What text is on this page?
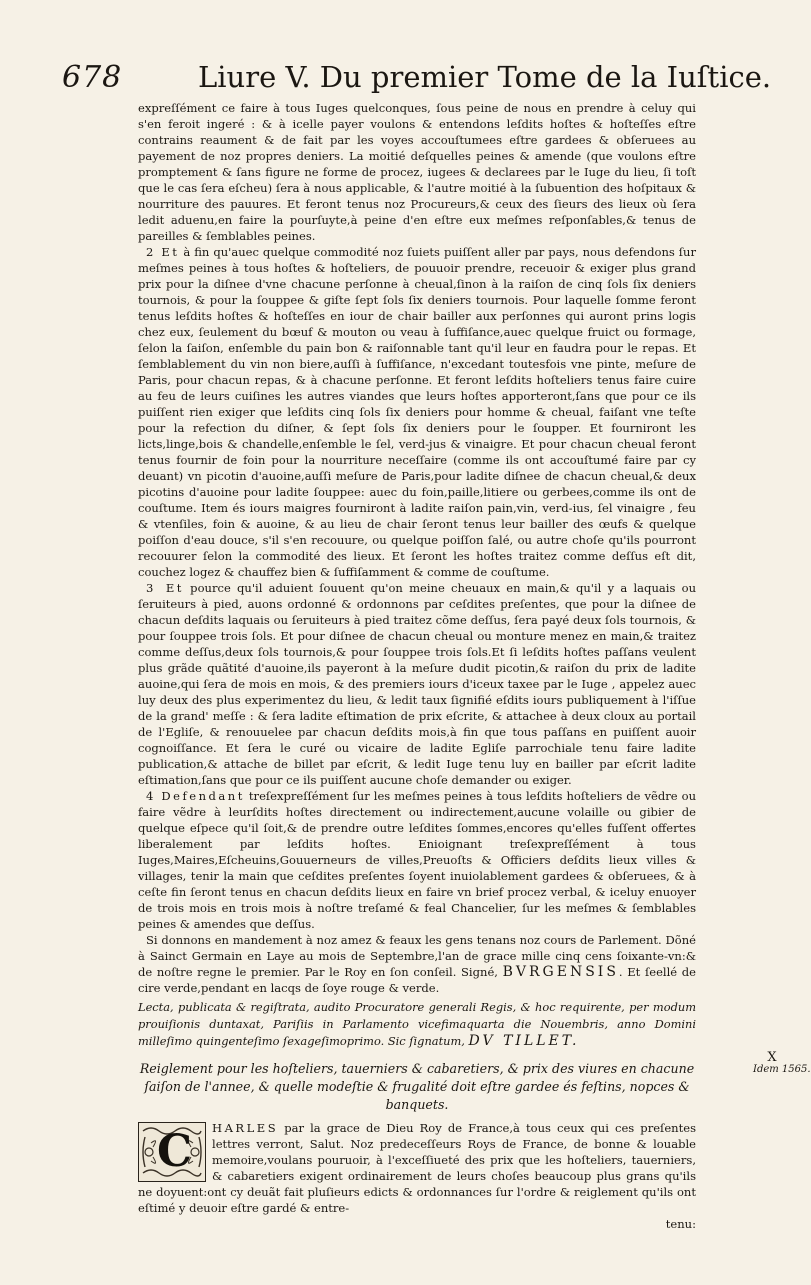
678	Liure V. Du premier Tome de la Iuſtice.

expreſſément ce faire à tous Iuges quelconques, ſous peine de nous en prendre à celuy qui s'en feroit ingeré : & à icelle payer voulons & entendons leſdits hoſtes & hoſteſſes eſtre contrains reaument & de fait par les voyes accouſtumees eſtre gardees & obſeruees au payement de noz propres deniers. La moitié deſquelles peines & amende (que voulons eſtre promptement & ſans figure ne forme de procez, iugees & declarees par le Iuge du lieu, ſi toſt que le cas ſera eſcheu) ſera à nous applicable, & l'autre moitié à la ſubuention des hoſpitaux & nourriture des pauures. Et feront tenus noz Procureurs,& ceux des ſieurs des lieux où ſera ledit aduenu,en faire la pourſuyte,à peine d'en eſtre eux meſmes reſponſables,& tenus de pareilles & ſemblables peines.

2 Et à fin qu'auec quelque commodité noz ſuiets puiſſent aller par pays, nous defendons ſur meſmes peines à tous hoſtes & hoſteliers, de pouuoir prendre, receuoir & exiger plus grand prix pour la diſnee d'vne chacune perſonne à cheual,ſinon à la raiſon de cinq ſols ſix deniers tournois, & pour la ſouppee & giſte ſept ſols ſix deniers tournois. Pour laquelle ſomme feront tenus leſdits hoſtes & hoſteſſes en iour de chair bailler aux perſonnes qui auront prins logis chez eux, ſeulement du bœuf & mouton ou veau à ſuffiſance,auec quelque fruict ou formage, ſelon la ſaiſon, enſemble du pain bon & raiſonnable tant qu'il leur en faudra pour le repas. Et ſemblablement du vin non biere,auſſi à ſuffiſance, n'excedant toutesfois vne pinte, meſure de Paris, pour chacun repas, & à chacune perſonne. Et feront leſdits hoſteliers tenus faire cuire au feu de leurs cuiſines les autres viandes que leurs hoſtes apporteront,ſans que pour ce ils puiſſent rien exiger que leſdits cinq ſols ſix deniers pour homme & cheual, faiſant vne teſte pour la refection du diſner, & ſept ſols ſix deniers pour le ſoupper. Et fourniront les licts,linge,bois & chandelle,enſemble le ſel, verd-jus & vinaigre. Et pour chacun cheual feront tenus fournir de foin pour la nourriture neceſſaire (comme ils ont accouſtumé faire par cy deuant) vn picotin d'auoine,auſſi meſure de Paris,pour ladite diſnee de chacun cheual,& deux picotins d'auoine pour ladite ſouppee: auec du foin,paille,litiere ou gerbees,comme ils ont de couſtume. Item és iours maigres fourniront à ladite raiſon pain,vin, verd-ius, ſel vinaigre , feu & vtenſiles, foin & auoine, & au lieu de chair ſeront tenus leur bailler des œufs & quelque poiſſon d'eau douce, s'il s'en recouure, ou quelque poiſſon ſalé, ou autre choſe qu'ils pourront recouurer ſelon la commodité des lieux. Et ſeront les hoſtes traitez comme deſſus eſt dit, couchez logez & chauffez bien & ſuffiſamment & comme de couſtume.

3 Et pource qu'il aduient ſouuent qu'on meine cheuaux en main,& qu'il y a laquais ou ſeruiteurs à pied, auons ordonné & ordonnons par ceſdites preſentes, que pour la diſnee de chacun deſdits laquais ou ſeruiteurs à pied traitez cõme deſſus, ſera payé deux ſols tournois, & pour ſouppee trois ſols. Et pour diſnee de chacun cheual ou monture menez en main,& traitez comme deſſus,deux ſols tournois,& pour ſouppee trois ſols.Et ſi leſdits hoſtes paſſans veulent plus grãde quãtité d'auoine,ils payeront à la meſure dudit picotin,& raiſon du prix de ladite auoine,qui ſera de mois en mois, & des premiers iours d'iceux taxee par le Iuge , appelez auec luy deux des plus experimentez du lieu, & ledit taux ſignifié eſdits iours publiquement à l'iſſue de la grand' meſſe : & ſera ladite eſtimation de prix eſcrite, & attachee à deux cloux au portail de l'Egliſe, & renouuelee par chacun deſdits mois,à fin que tous paſſans en puiſſent auoir cognoiſſance. Et ſera le curé ou vicaire de ladite Egliſe parrochiale tenu faire ladite publication,& attache de billet par eſcrit, & ledit Iuge tenu luy en bailler par eſcrit ladite eſtimation,ſans que pour ce ils puiſſent aucune choſe demander ou exiger.

4 Defendant treſexpreſſément ſur les meſmes peines à tous leſdits hoſteliers de vẽdre ou faire vẽdre à leurſdits hoſtes directement ou indirectement,aucune volaille ou gibier de quelque eſpece qu'il ſoit,& de prendre outre leſdites ſommes,encores qu'elles fuſſent offertes liberalement par leſdits hoſtes. Enioignant treſexpreſſément à tous Iuges,Maires,Eſcheuins,Gouuerneurs de villes,Preuoſts & Officiers deſdits lieux villes & villages, tenir la main que ceſdites preſentes ſoyent inuiolablement gardees & obſeruees, & à ceſte fin ſeront tenus en chacun deſdits lieux en faire vn brief procez verbal, & iceluy enuoyer de trois mois en trois mois à noſtre treſamé & feal Chancelier, ſur les meſmes & ſemblables peines & amendes que deſſus.

Si donnons en mandement à noz amez & feaux les gens tenans noz cours de Parlement. Dõné à Sainct Germain en Laye au mois de Septembre,l'an de grace mille cinq cens ſoixante-vn:& de noſtre regne le premier. Par le Roy en ſon conſeil. Signé, BVRGENSIS. Et ſeellé de cire verde,pendant en lacqs de ſoye rouge & verde.

Lecta, publicata & regiſtrata, audito Procuratore generali Regis, & hoc requirente, per modum prouiſionis duntaxat, Pariſiis in Parlamento vicefimaquarta die Nouembris, anno Domini milleſimo quingenteſimo ſexageſimoprimo. Sic ſignatum, DV TILLET.

Reiglement pour les hoſteliers, tauerniers & cabaretiers, & prix des viures en chacune ſaiſon de l'annee, & quelle modeſtie & frugalité doit eſtre gardee és feſtins, nopces & banquets.

C HARLES par la grace de Dieu Roy de France,à tous ceux qui ces preſentes lettres verront, Salut. Noz predeceſſeurs Roys de France, de bonne & louable memoire,voulans pouruoir, à l'exceſſiueté des prix que les hoſteliers, tauerniers, & cabaretiers exigent ordinairement de leurs choſes beaucoup plus grans qu'ils ne doyuent:ont cy deuãt fait pluſieurs edicts & ordonnances ſur l'ordre & reiglement qu'ils ont eſtimé y deuoir eſtre gardé & entre-

tenu:

X
Idem 1565.
